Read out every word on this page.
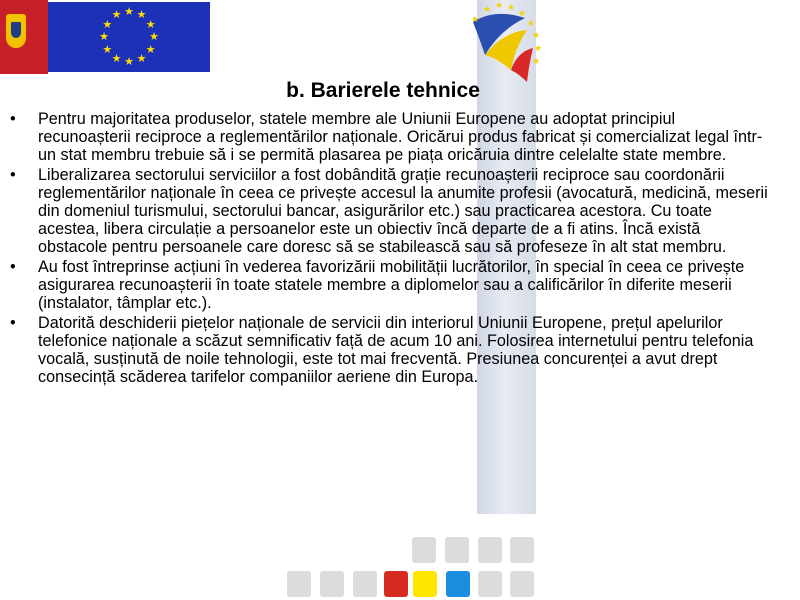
★ ★
★
★
★
★
★
★
★
★
★
★	★ ★ ★
★
★
★
★
★
★
b. Barierele tehnice
• Pentru majoritatea produselor, statele membre ale Uniunii Europene au adoptat principiul recunoașterii reciproce a reglementărilor naționale. Oricărui produs fabricat și comercializat legal într-un stat membru trebuie să i se permită plasarea pe piața oricăruia dintre celelalte state membre.
• Liberalizarea sectorului serviciilor a fost dobândită grație recunoașterii reciproce sau coordonării reglementărilor naționale în ceea ce privește accesul la anumite profesii (avocatură, medicină, meserii din domeniul turismului, sectorului bancar, asigurărilor etc.) sau practicarea acestora. Cu toate acestea, libera circulație a persoanelor este un obiectiv încă departe de a fi atins. Încă există obstacole pentru persoanele care doresc să se stabilească sau să profeseze în alt stat membru.
• Au fost întreprinse acțiuni în vederea favorizării mobilității lucrătorilor, în special în ceea ce privește asigurarea recunoașterii în toate statele membre a diplomelor sau a calificărilor în diferite meserii (instalator, tâmplar etc.).
• Datorită deschiderii piețelor naționale de servicii din interiorul Uniunii Europene, prețul apelurilor telefonice naționale a scăzut semnificativ față de acum 10 ani. Folosirea internetului pentru telefonia vocală, susținută de noile tehnologii, este tot mai frecventă. Presiunea concurenței a avut drept consecință scăderea tarifelor companiilor aeriene din Europa.
